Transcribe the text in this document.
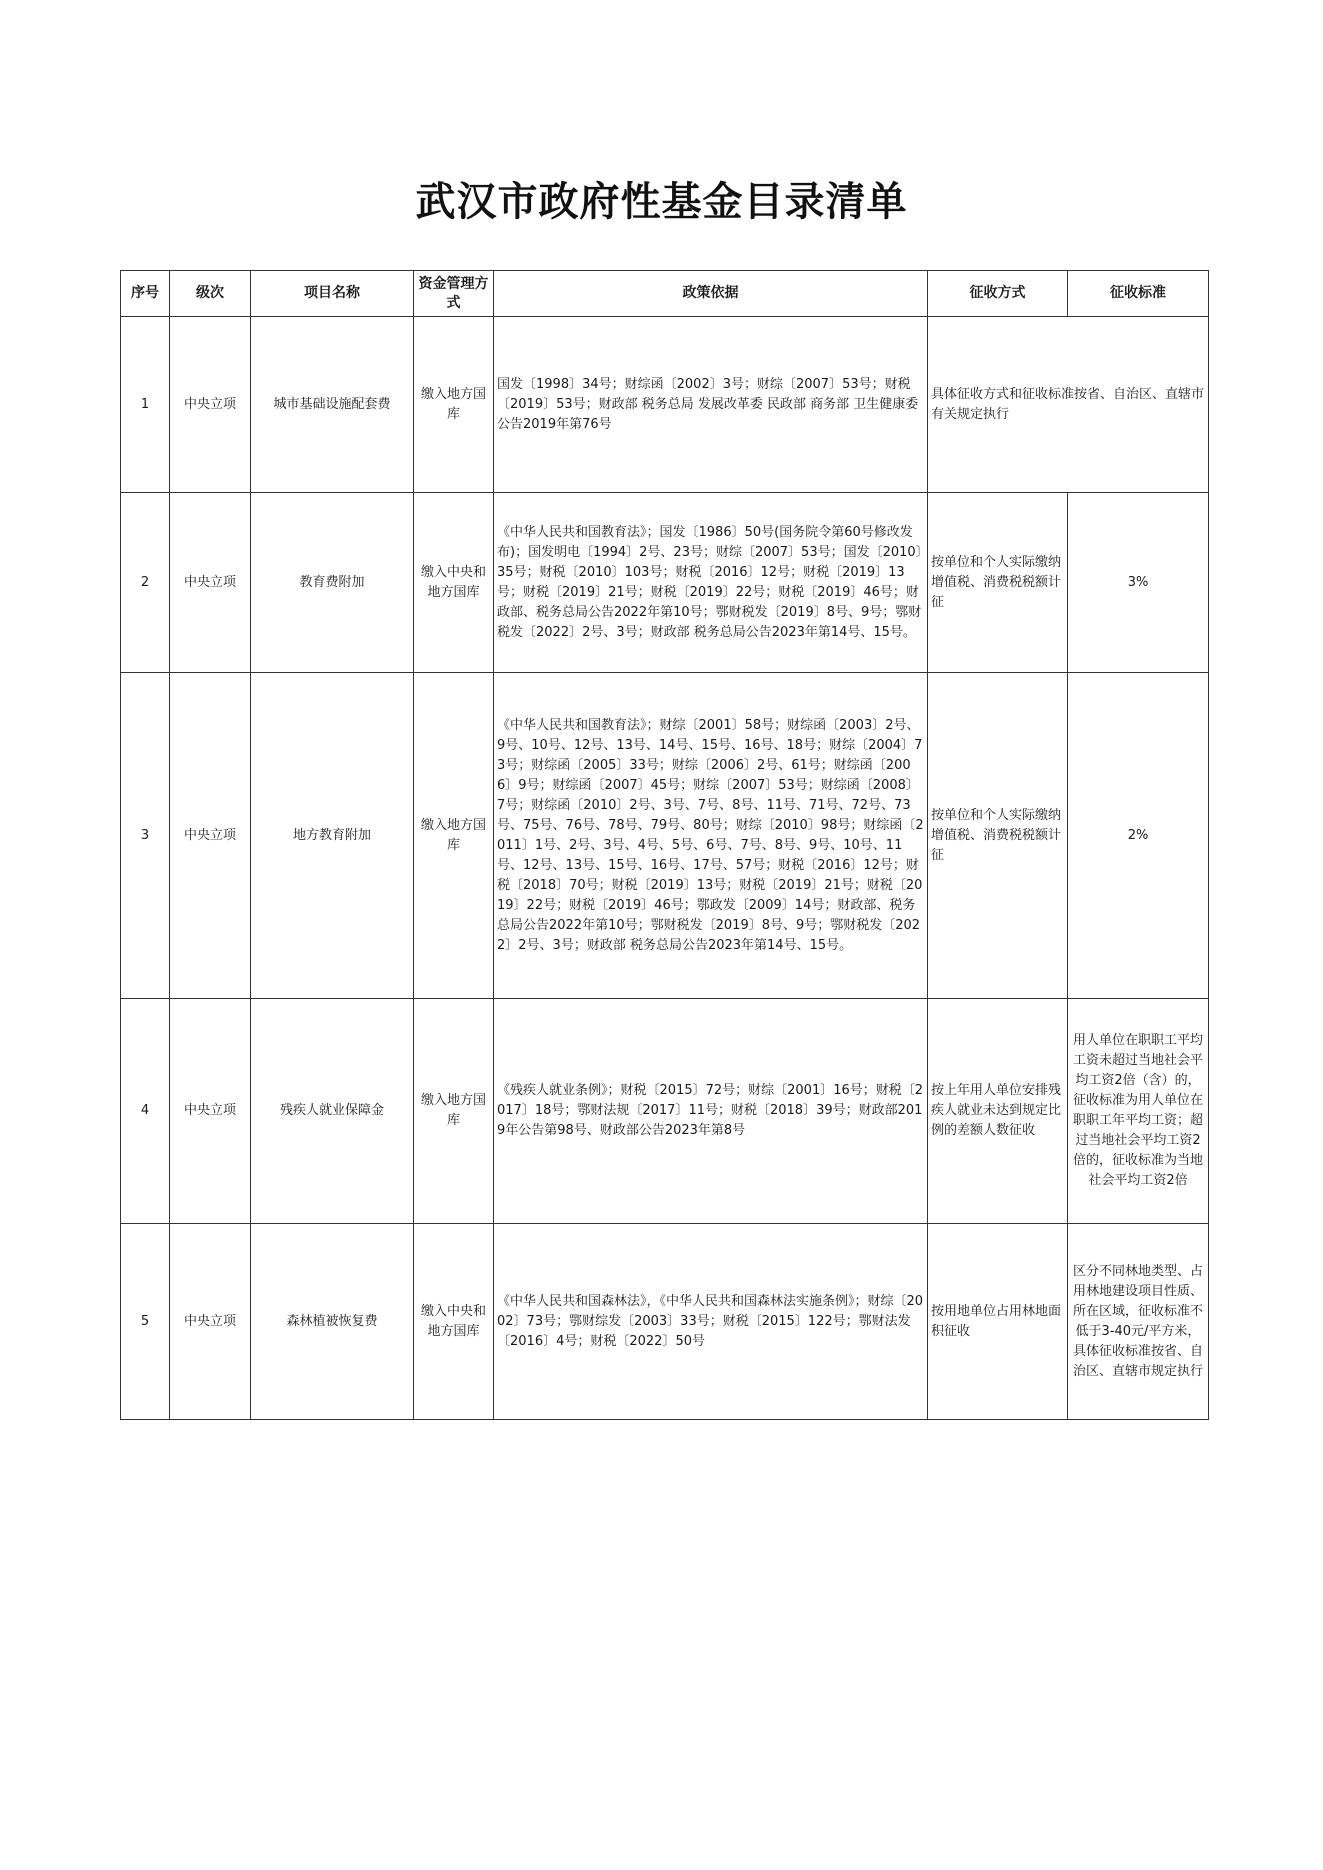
武汉市政府性基金目录清单
序号	级次	项目名称	资金管理方式	政策依据	征收方式	征收标准
1	中央立项	城市基础设施配套费	缴入地方国库	国发〔1998〕34号；财综函〔2002〕3号；财综〔2007〕53号；财税〔2019〕53号；财政部 税务总局 发展改革委 民政部 商务部 卫生健康委公告2019年第76号	具体征收方式和征收标准按省、自治区、直辖市有关规定执行	
2	中央立项	教育费附加	缴入中央和地方国库	《中华人民共和国教育法》；国发〔1986〕50号(国务院令第60号修改发布)；国发明电〔1994〕2号、23号；财综〔2007〕53号；国发〔2010〕35号；财税〔2010〕103号；财税〔2016〕12号；财税〔2019〕13号；财税〔2019〕21号；财税〔2019〕22号；财税〔2019〕46号；财政部、税务总局公告2022年第10号；鄂财税发〔2019〕8号、9号；鄂财税发〔2022〕2号、3号；财政部 税务总局公告2023年第14号、15号。	按单位和个人实际缴纳增值税、消费税税额计征	3%
3	中央立项	地方教育附加	缴入地方国库	《中华人民共和国教育法》；财综〔2001〕58号；财综函〔2003〕2号、9号、10号、12号、13号、14号、15号、16号、18号；财综〔2004〕73号；财综函〔2005〕33号；财综〔2006〕2号、61号；财综函〔2006〕9号；财综函〔2007〕45号；财综〔2007〕53号；财综函〔2008〕7号；财综函〔2010〕2号、3号、7号、8号、11号、71号、72号、73号、75号、76号、78号、79号、80号；财综〔2010〕98号；财综函〔2011〕1号、2号、3号、4号、5号、6号、7号、8号、9号、10号、11号、12号、13号、15号、16号、17号、57号；财税〔2016〕12号；财税〔2018〕70号；财税〔2019〕13号；财税〔2019〕21号；财税〔2019〕22号；财税〔2019〕46号；鄂政发〔2009〕14号；财政部、税务总局公告2022年第10号；鄂财税发〔2019〕8号、9号；鄂财税发〔2022〕2号、3号；财政部 税务总局公告2023年第14号、15号。	按单位和个人实际缴纳增值税、消费税税额计征	2%
4	中央立项	残疾人就业保障金	缴入地方国库	《残疾人就业条例》；财税〔2015〕72号；财综〔2001〕16号；财税〔2017〕18号；鄂财法规〔2017〕11号；财税〔2018〕39号；财政部2019年公告第98号、财政部公告2023年第8号	按上年用人单位安排残疾人就业未达到规定比例的差额人数征收	用人单位在职职工平均工资未超过当地社会平均工资2倍（含）的，征收标准为用人单位在职职工年平均工资；超过当地社会平均工资2倍的，征收标准为当地社会平均工资2倍
5	中央立项	森林植被恢复费	缴入中央和地方国库	《中华人民共和国森林法》，《中华人民共和国森林法实施条例》；财综〔2002〕73号；鄂财综发〔2003〕33号；财税〔2015〕122号；鄂财法发〔2016〕4号；财税〔2022〕50号	按用地单位占用林地面积征收	区分不同林地类型、占用林地建设项目性质、所在区域，征收标准不低于3-40元/平方米，具体征收标准按省、自治区、直辖市规定执行
